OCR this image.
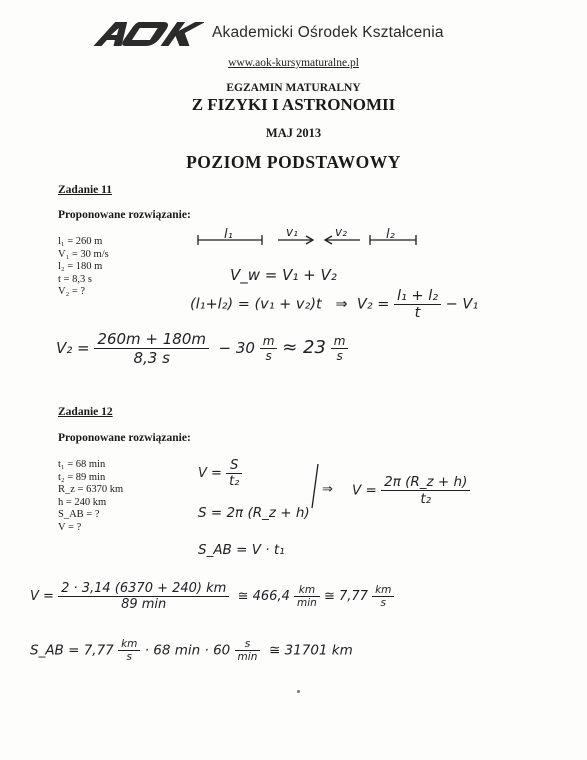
Akademicki Ośrodek Kształcenia
www.aok-kursymaturalne.pl
EGZAMIN MATURALNY
Z FIZYKI I ASTRONOMII
MAJ 2013
POZIOM PODSTAWOWY
Zadanie 11
Proponowane rozwiązanie:
l₁ = 260 m
V₁ = 30 m/s
l₂ = 180 m
t = 8,3 s
V₂ = ?
l₁	v₁	v₂	l₂
V_w = V₁ + V₂
(l₁+l₂) = (v₁ + v₂)t ⇒ $V_2 = \frac{\text{l₁ + l₂}}{t} - V_1$
$V_2 = \frac{260m + 180m}{8,3 s} - 30 \frac{m}{s} \approx 23 \frac{m}{s}$
Zadanie 12
Proponowane rozwiązanie:
t₁ = 68 min
t₂ = 89 min
R_z = 6370 km
h = 240 km
S_AB = ?
V = ?
$V = \frac{S}{\text{t₂}}$
S = 2π (R_z + h)
S_AB = V · t₁
⇒ $V = \frac{2\pi (R\_z + h)}{\text{t₂}}$
$V = \frac{2 \cdot 3,14 (6370 + 240) km}{89 \min}$ ≅ $466,4 \frac{km}{\min}$ ≅ $7,77 \frac{km}{s}$
S_AB = $7,77 \frac{km}{s} \cdot 68$ $\min \cdot 60 \frac{s}{\min}$ ≅ 31701 km
